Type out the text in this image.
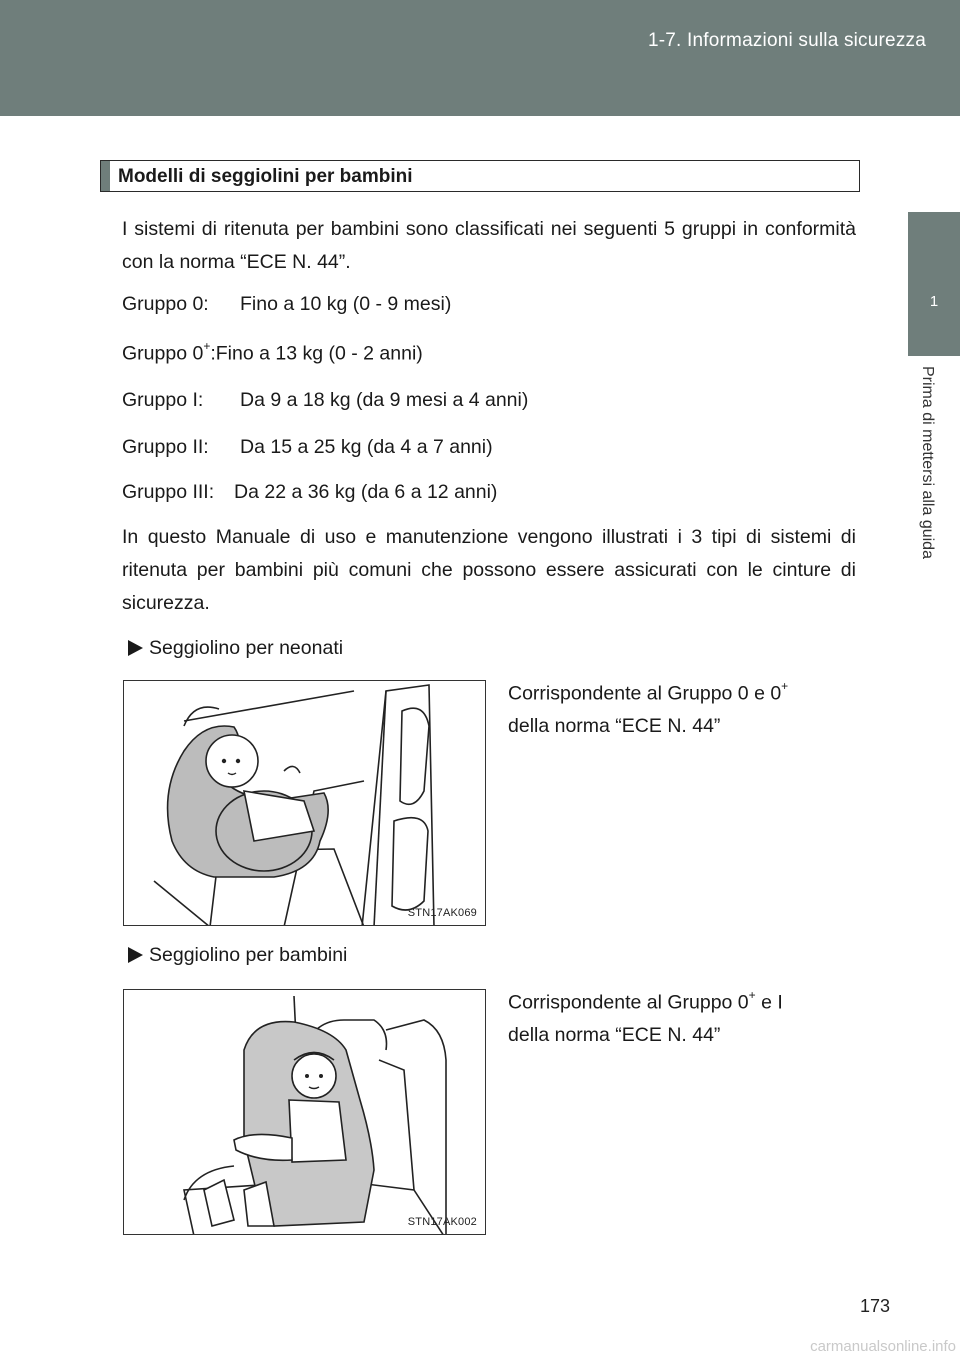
1-7. Informazioni sulla sicurezza
1
Prima di mettersi alla guida
Modelli di seggiolini per bambini
I sistemi di ritenuta per bambini sono classificati nei seguenti 5 gruppi in conformità con la norma “ECE N. 44”.
Gruppo 0: Fino a 10 kg (0 - 9 mesi)
Gruppo 0+:Fino a 13 kg (0 - 2 anni)
Gruppo I: Da 9 a 18 kg (da 9 mesi a 4 anni)
Gruppo II: Da 15 a 25 kg (da 4 a 7 anni)
Gruppo III: Da 22 a 36 kg (da 6 a 12 anni)
In questo Manuale di uso e manutenzione vengono illustrati i 3 tipi di sistemi di ritenuta per bambini più comuni che possono essere assicurati con le cinture di sicurezza.
Seggiolino per neonati
STN17AK069
Corrispondente al Gruppo 0 e 0+
della norma “ECE N. 44”
Seggiolino per bambini
STN17AK002
Corrispondente al Gruppo 0+ e I
della norma “ECE N. 44”
173
carmanualsonline.info
